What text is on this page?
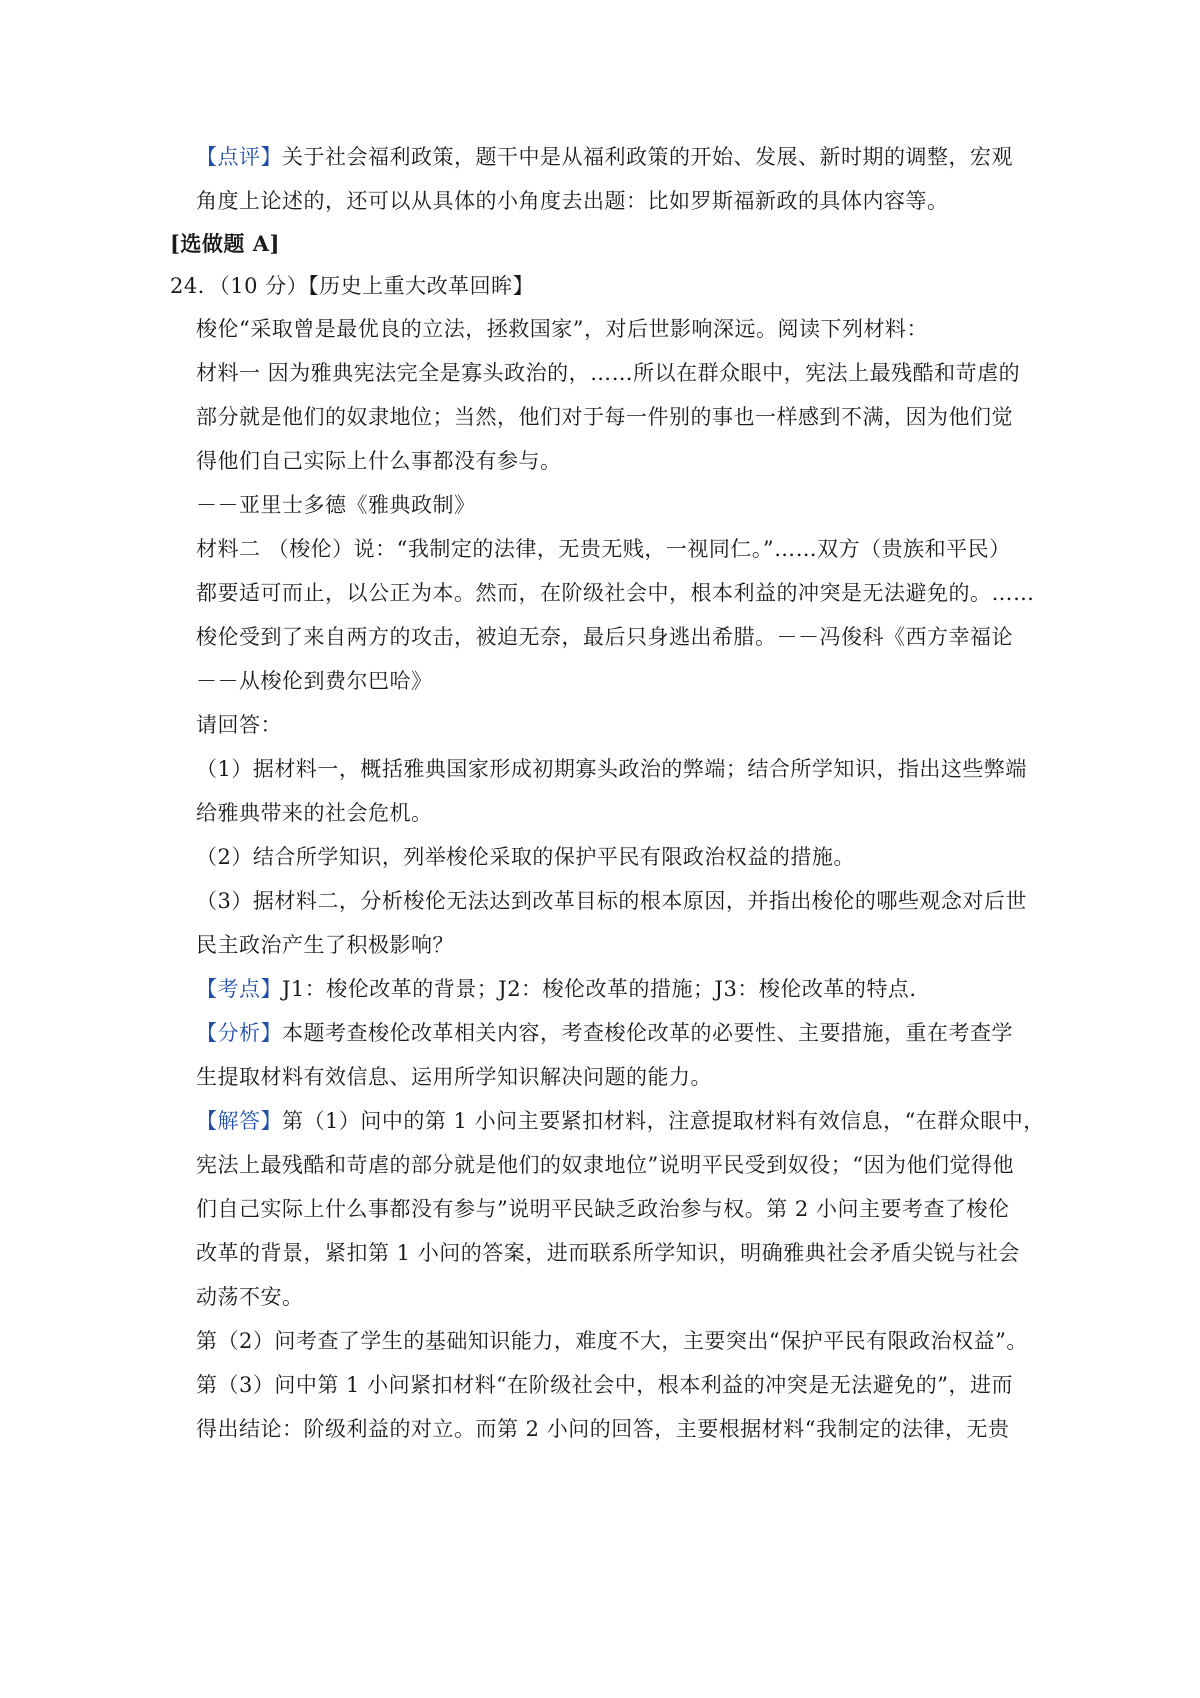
【点评】关于社会福利政策，题干中是从福利政策的开始、发展、新时期的调整，宏观
角度上论述的，还可以从具体的小角度去出题：比如罗斯福新政的具体内容等。
[选做题 A]
24．（10 分）【历史上重大改革回眸】
梭伦“采取曾是最优良的立法，拯救国家”，对后世影响深远。阅读下列材料：
材料一 因为雅典宪法完全是寡头政治的，……所以在群众眼中，宪法上最残酷和苛虐的
部分就是他们的奴隶地位；当然，他们对于每一件别的事也一样感到不满，因为他们觉
得他们自己实际上什么事都没有参与。
－－亚里士多德《雅典政制》
材料二 （梭伦）说：“我制定的法律，无贵无贱，一视同仁。”……双方（贵族和平民）
都要适可而止，以公正为本。然而，在阶级社会中，根本利益的冲突是无法避免的。……
梭伦受到了来自两方的攻击，被迫无奈，最后只身逃出希腊。－－冯俊科《西方幸福论
－－从梭伦到费尔巴哈》
请回答：
（1）据材料一，概括雅典国家形成初期寡头政治的弊端；结合所学知识，指出这些弊端
给雅典带来的社会危机。
（2）结合所学知识，列举梭伦采取的保护平民有限政治权益的措施。
（3）据材料二，分析梭伦无法达到改革目标的根本原因，并指出梭伦的哪些观念对后世
民主政治产生了积极影响？
【考点】J1：梭伦改革的背景；J2：梭伦改革的措施；J3：梭伦改革的特点.
【分析】本题考查梭伦改革相关内容，考查梭伦改革的必要性、主要措施，重在考查学
生提取材料有效信息、运用所学知识解决问题的能力。
【解答】第（1）问中的第 1 小问主要紧扣材料，注意提取材料有效信息，“在群众眼中，
宪法上最残酷和苛虐的部分就是他们的奴隶地位”说明平民受到奴役；“因为他们觉得他
们自己实际上什么事都没有参与”说明平民缺乏政治参与权。第 2 小问主要考查了梭伦
改革的背景，紧扣第 1 小问的答案，进而联系所学知识，明确雅典社会矛盾尖锐与社会
动荡不安。
第（2）问考查了学生的基础知识能力，难度不大，主要突出“保护平民有限政治权益”。
第（3）问中第 1 小问紧扣材料“在阶级社会中，根本利益的冲突是无法避免的”，进而
得出结论：阶级利益的对立。而第 2 小问的回答，主要根据材料“我制定的法律，无贵
